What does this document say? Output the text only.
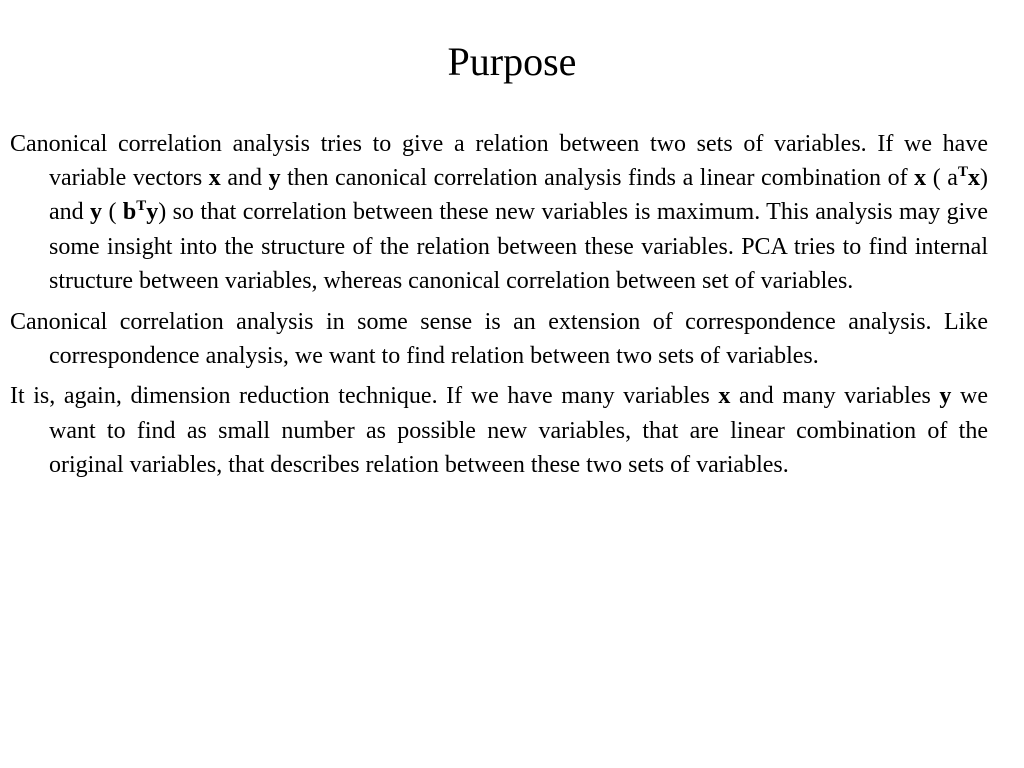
Purpose

Canonical correlation analysis tries to give a relation between two sets of variables. If we have variable vectors x and y then canonical correlation analysis finds a linear combination of x ( $a^Tx$) and y ( $b^Ty$) so that correlation between these new variables is maximum. This analysis may give some insight into the structure of the relation between these variables. PCA tries to find internal structure between variables, whereas canonical correlation between set of variables.

Canonical correlation analysis in some sense is an extension of correspondence analysis. Like correspondence analysis, we want to find relation between two sets of variables.

It is, again, dimension reduction technique. If we have many variables x and many variables y we want to find as small number as possible new variables, that are linear combination of the original variables, that describes relation between these two sets of variables.
